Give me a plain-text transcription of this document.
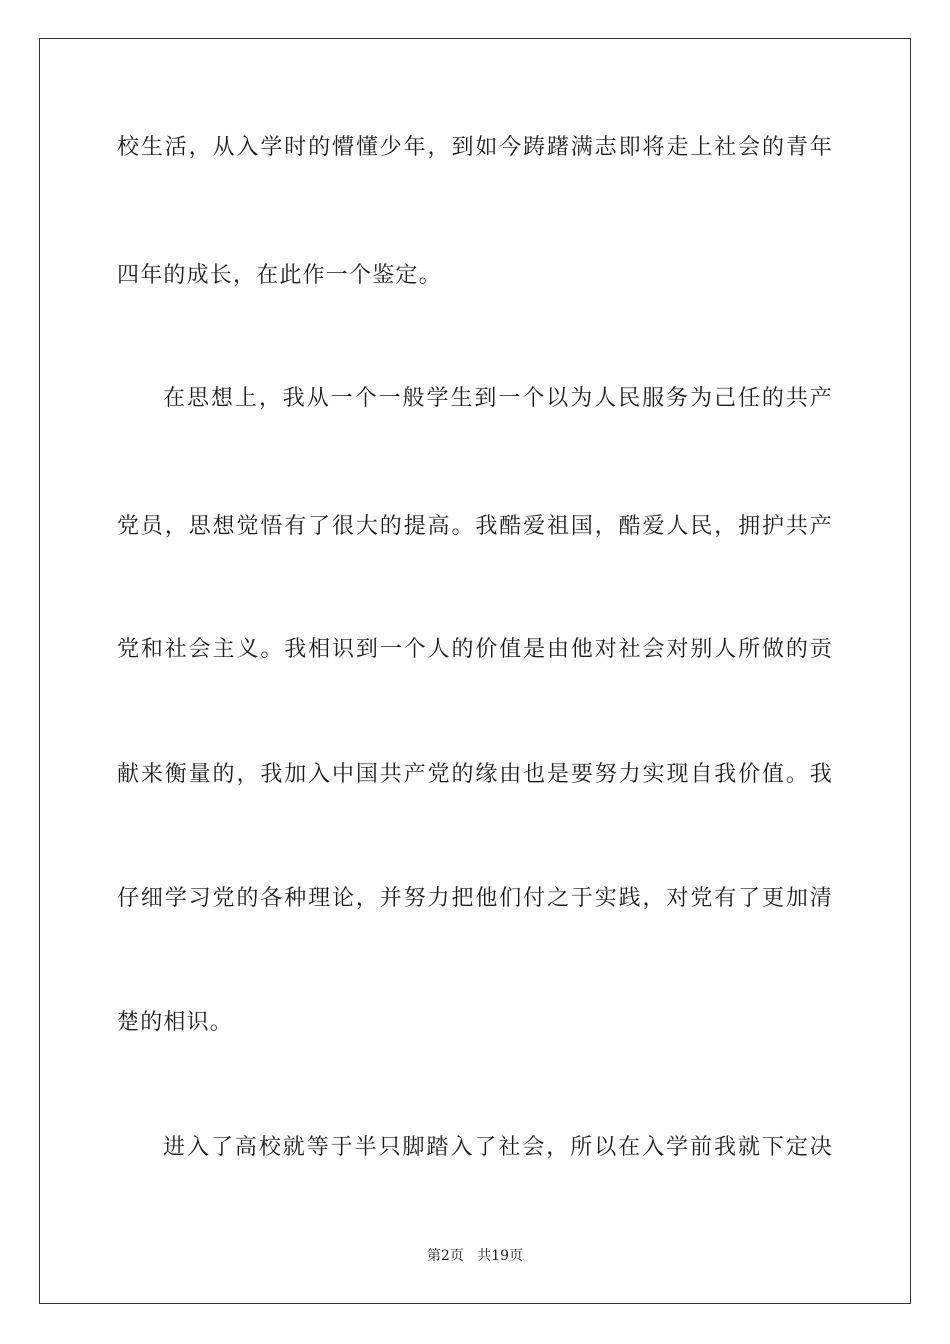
校生活，从入学时的懵懂少年，到如今踌躇满志即将走上社会的青年
四年的成长，在此作一个鉴定。
在思想上，我从一个一般学生到一个以为人民服务为己任的共产
党员，思想觉悟有了很大的提高。我酷爱祖国，酷爱人民，拥护共产
党和社会主义。我相识到一个人的价值是由他对社会对别人所做的贡
献来衡量的，我加入中国共产党的缘由也是要努力实现自我价值。我
仔细学习党的各种理论，并努力把他们付之于实践，对党有了更加清
楚的相识。
进入了高校就等于半只脚踏入了社会，所以在入学前我就下定决
第2页 共19页
